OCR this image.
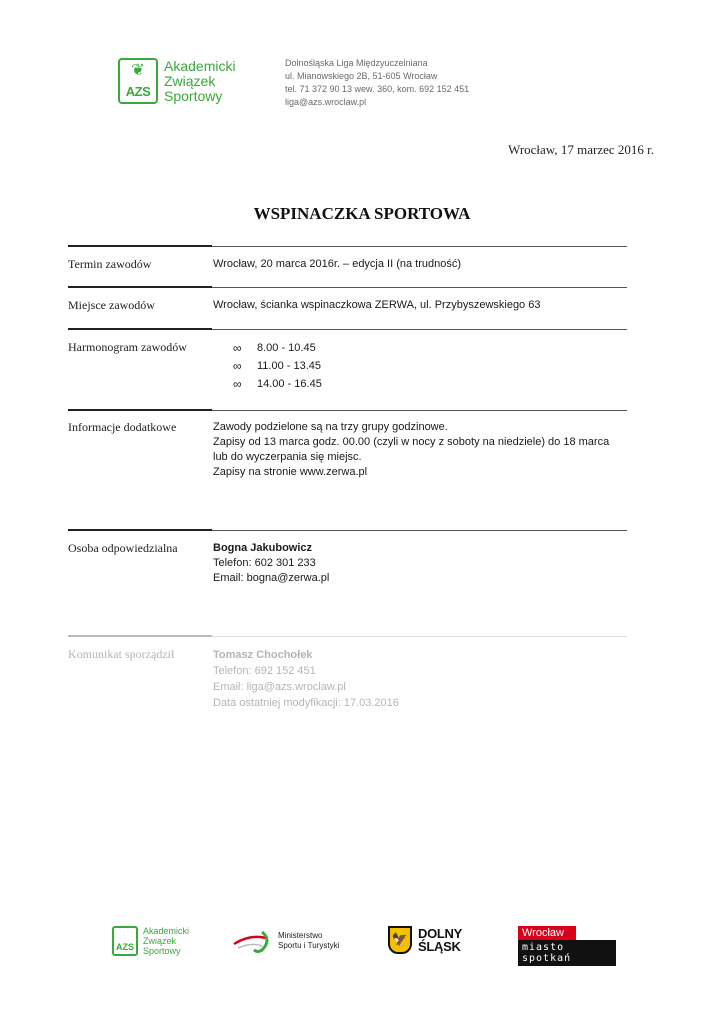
❦
AZS
Akademicki
Związek
Sportowy
Dolnośląska Liga Międzyuczelniana
ul. Mianowskiego 2B, 51-605 Wrocław
tel. 71 372 90 13 wew. 360, kom. 692 152 451
liga@azs.wroclaw.pl
Wrocław, 17 marzec 2016 r.
WSPINACZKA SPORTOWA
Termin zawodów	Wrocław, 20 marca 2016r. – edycja II (na trudność)
Miejsce zawodów	Wrocław, ścianka wspinaczkowa ZERWA, ul. Przybyszewskiego 63
Harmonogram zawodów	∞	8.00 - 10.45
∞	11.00 - 13.45
∞	14.00 - 16.45
Informacje dodatkowe	Zawody podzielone są na trzy grupy godzinowe.
Zapisy od 13 marca godz. 00.00 (czyli w nocy z soboty na niedziele) do 18 marca
lub do wyczerpania się miejsc.
Zapisy na stronie www.zerwa.pl
Osoba odpowiedzialna	Bogna Jakubowicz
Telefon: 602 301 233
Email: bogna@zerwa.pl
Komunikat sporządził	Tomasz Chochołek
Telefon: 692 152 451
Email: liga@azs.wroclaw.pl
Data ostatniej modyfikacji: 17.03.2016
AZS
Akademicki
Związek
Sportowy
Ministerstwo
Sportu i Turystyki	🦅 DOLNY
ŚLĄSK
Wrocław
miasto spotkań
